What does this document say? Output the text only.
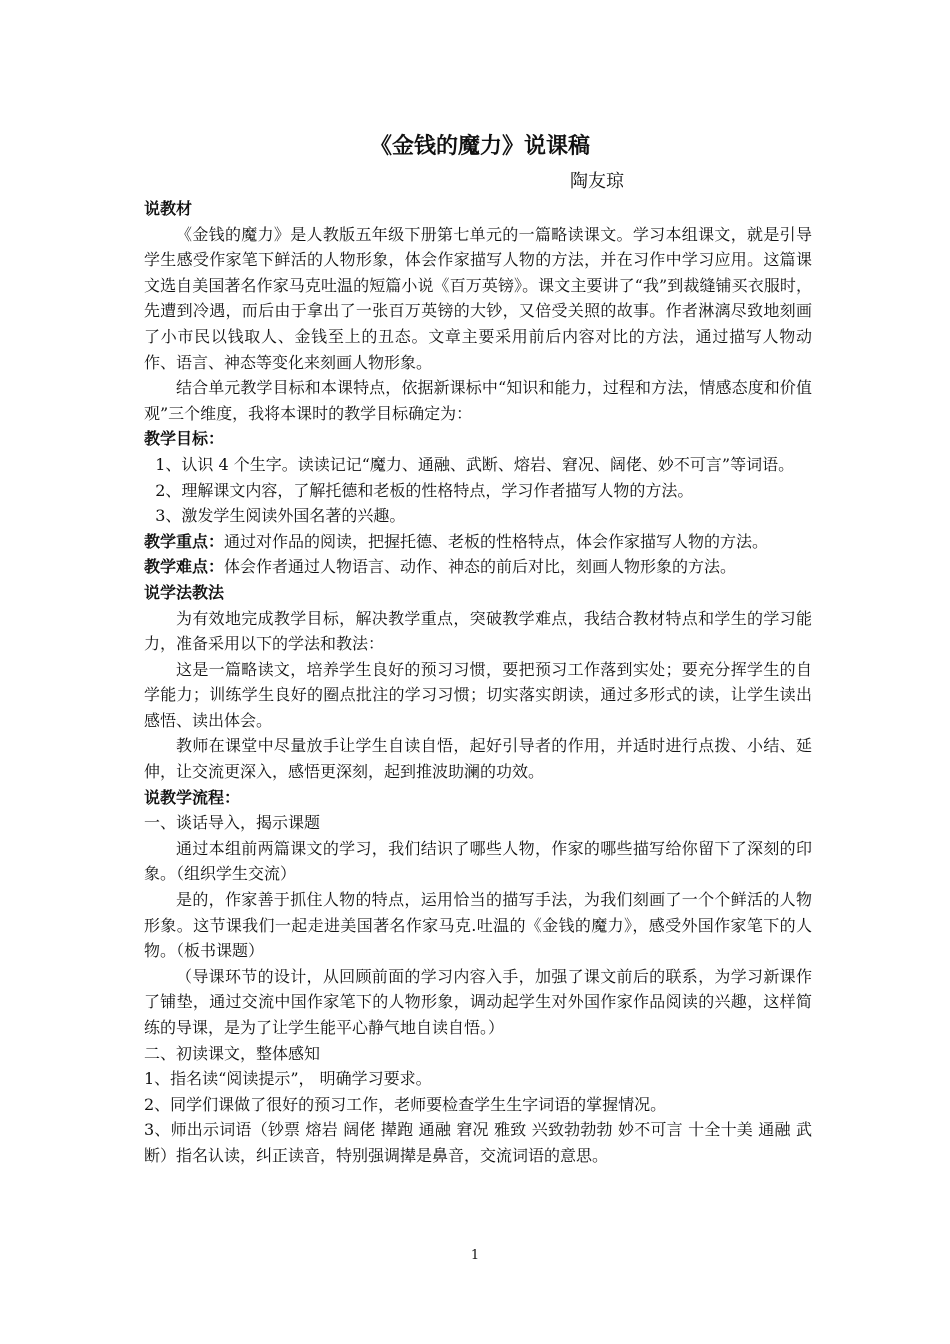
《金钱的魔力》说课稿

陶友琼

说教材

《金钱的魔力》是人教版五年级下册第七单元的一篇略读课文。学习本组课文，就是引导学生感受作家笔下鲜活的人物形象，体会作家描写人物的方法，并在习作中学习应用。这篇课文选自美国著名作家马克吐温的短篇小说《百万英镑》。课文主要讲了“我”到裁缝铺买衣服时，先遭到冷遇，而后由于拿出了一张百万英镑的大钞，又倍受关照的故事。作者淋漓尽致地刻画了小市民以钱取人、金钱至上的丑态。文章主要采用前后内容对比的方法，通过描写人物动作、语言、神态等变化来刻画人物形象。

结合单元教学目标和本课特点，依据新课标中“知识和能力，过程和方法，情感态度和价值观”三个维度，我将本课时的教学目标确定为：

教学目标：

1、认识 4 个生字。读读记记“魔力、通融、武断、熔岩、窘况、阔佬、妙不可言”等词语。

2、理解课文内容，了解托德和老板的性格特点，学习作者描写人物的方法。

3、激发学生阅读外国名著的兴趣。

教学重点：通过对作品的阅读，把握托德、老板的性格特点，体会作家描写人物的方法。

教学难点：体会作者通过人物语言、动作、神态的前后对比，刻画人物形象的方法。

说学法教法

为有效地完成教学目标，解决教学重点，突破教学难点，我结合教材特点和学生的学习能力，准备采用以下的学法和教法：

这是一篇略读文，培养学生良好的预习习惯，要把预习工作落到实处；要充分挥学生的自学能力；训练学生良好的圈点批注的学习习惯；切实落实朗读，通过多形式的读，让学生读出感悟、读出体会。

教师在课堂中尽量放手让学生自读自悟，起好引导者的作用，并适时进行点拨、小结、延伸，让交流更深入，感悟更深刻，起到推波助澜的功效。

说教学流程：

一、谈话导入，揭示课题

通过本组前两篇课文的学习，我们结识了哪些人物，作家的哪些描写给你留下了深刻的印象。（组织学生交流）

是的，作家善于抓住人物的特点，运用恰当的描写手法，为我们刻画了一个个鲜活的人物形象。这节课我们一起走进美国著名作家马克.吐温的《金钱的魔力》，感受外国作家笔下的人物。（板书课题）

（导课环节的设计，从回顾前面的学习内容入手，加强了课文前后的联系，为学习新课作了铺垫，通过交流中国作家笔下的人物形象，调动起学生对外国作家作品阅读的兴趣，这样简练的导课，是为了让学生能平心静气地自读自悟。）

二、初读课文，整体感知

1、指名读“阅读提示”， 明确学习要求。

2、同学们课做了很好的预习工作，老师要检查学生生字词语的掌握情况。

3、师出示词语（钞票 熔岩 阔佬 撵跑 通融 窘况 雅致 兴致勃勃勃 妙不可言 十全十美 通融 武断）指名认读，纠正读音，特别强调撵是鼻音，交流词语的意思。

1
